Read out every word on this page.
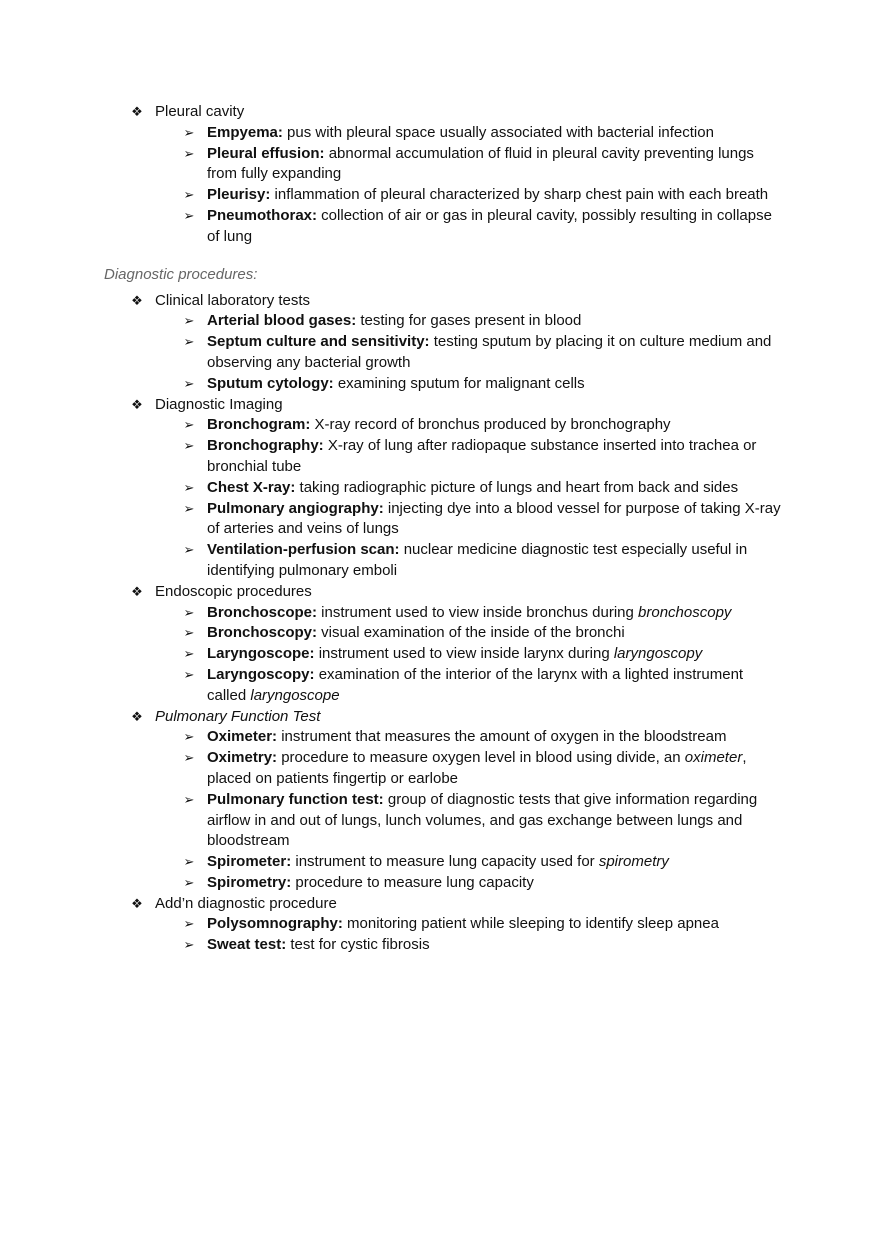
❖ Pleural cavity
➢ Empyema: pus with pleural space usually associated with bacterial infection
➢ Pleural effusion: abnormal accumulation of fluid in pleural cavity preventing lungs from fully expanding
➢ Pleurisy: inflammation of pleural characterized by sharp chest pain with each breath
➢ Pneumothorax: collection of air or gas in pleural cavity, possibly resulting in collapse of lung
Diagnostic procedures:
❖ Clinical laboratory tests
➢ Arterial blood gases: testing for gases present in blood
➢ Septum culture and sensitivity: testing sputum by placing it on culture medium and observing any bacterial growth
➢ Sputum cytology: examining sputum for malignant cells
❖ Diagnostic Imaging
➢ Bronchogram: X-ray record of bronchus produced by bronchography
➢ Bronchography: X-ray of lung after radiopaque substance inserted into trachea or bronchial tube
➢ Chest X-ray: taking radiographic picture of lungs and heart from back and sides
➢ Pulmonary angiography: injecting dye into a blood vessel for purpose of taking X-ray of arteries and veins of lungs
➢ Ventilation-perfusion scan: nuclear medicine diagnostic test especially useful in identifying pulmonary emboli
❖ Endoscopic procedures
➢ Bronchoscope: instrument used to view inside bronchus during bronchoscopy
➢ Bronchoscopy: visual examination of the inside of the bronchi
➢ Laryngoscope: instrument used to view inside larynx during laryngoscopy
➢ Laryngoscopy: examination of the interior of the larynx with a lighted instrument called laryngoscope
❖ Pulmonary Function Test
➢ Oximeter: instrument that measures the amount of oxygen in the bloodstream
➢ Oximetry: procedure to measure oxygen level in blood using divide, an oximeter, placed on patients fingertip or earlobe
➢ Pulmonary function test: group of diagnostic tests that give information regarding airflow in and out of lungs, lunch volumes, and gas exchange between lungs and bloodstream
➢ Spirometer: instrument to measure lung capacity used for spirometry
➢ Spirometry: procedure to measure lung capacity
❖ Add’n diagnostic procedure
➢ Polysomnography: monitoring patient while sleeping to identify sleep apnea
➢ Sweat test: test for cystic fibrosis
